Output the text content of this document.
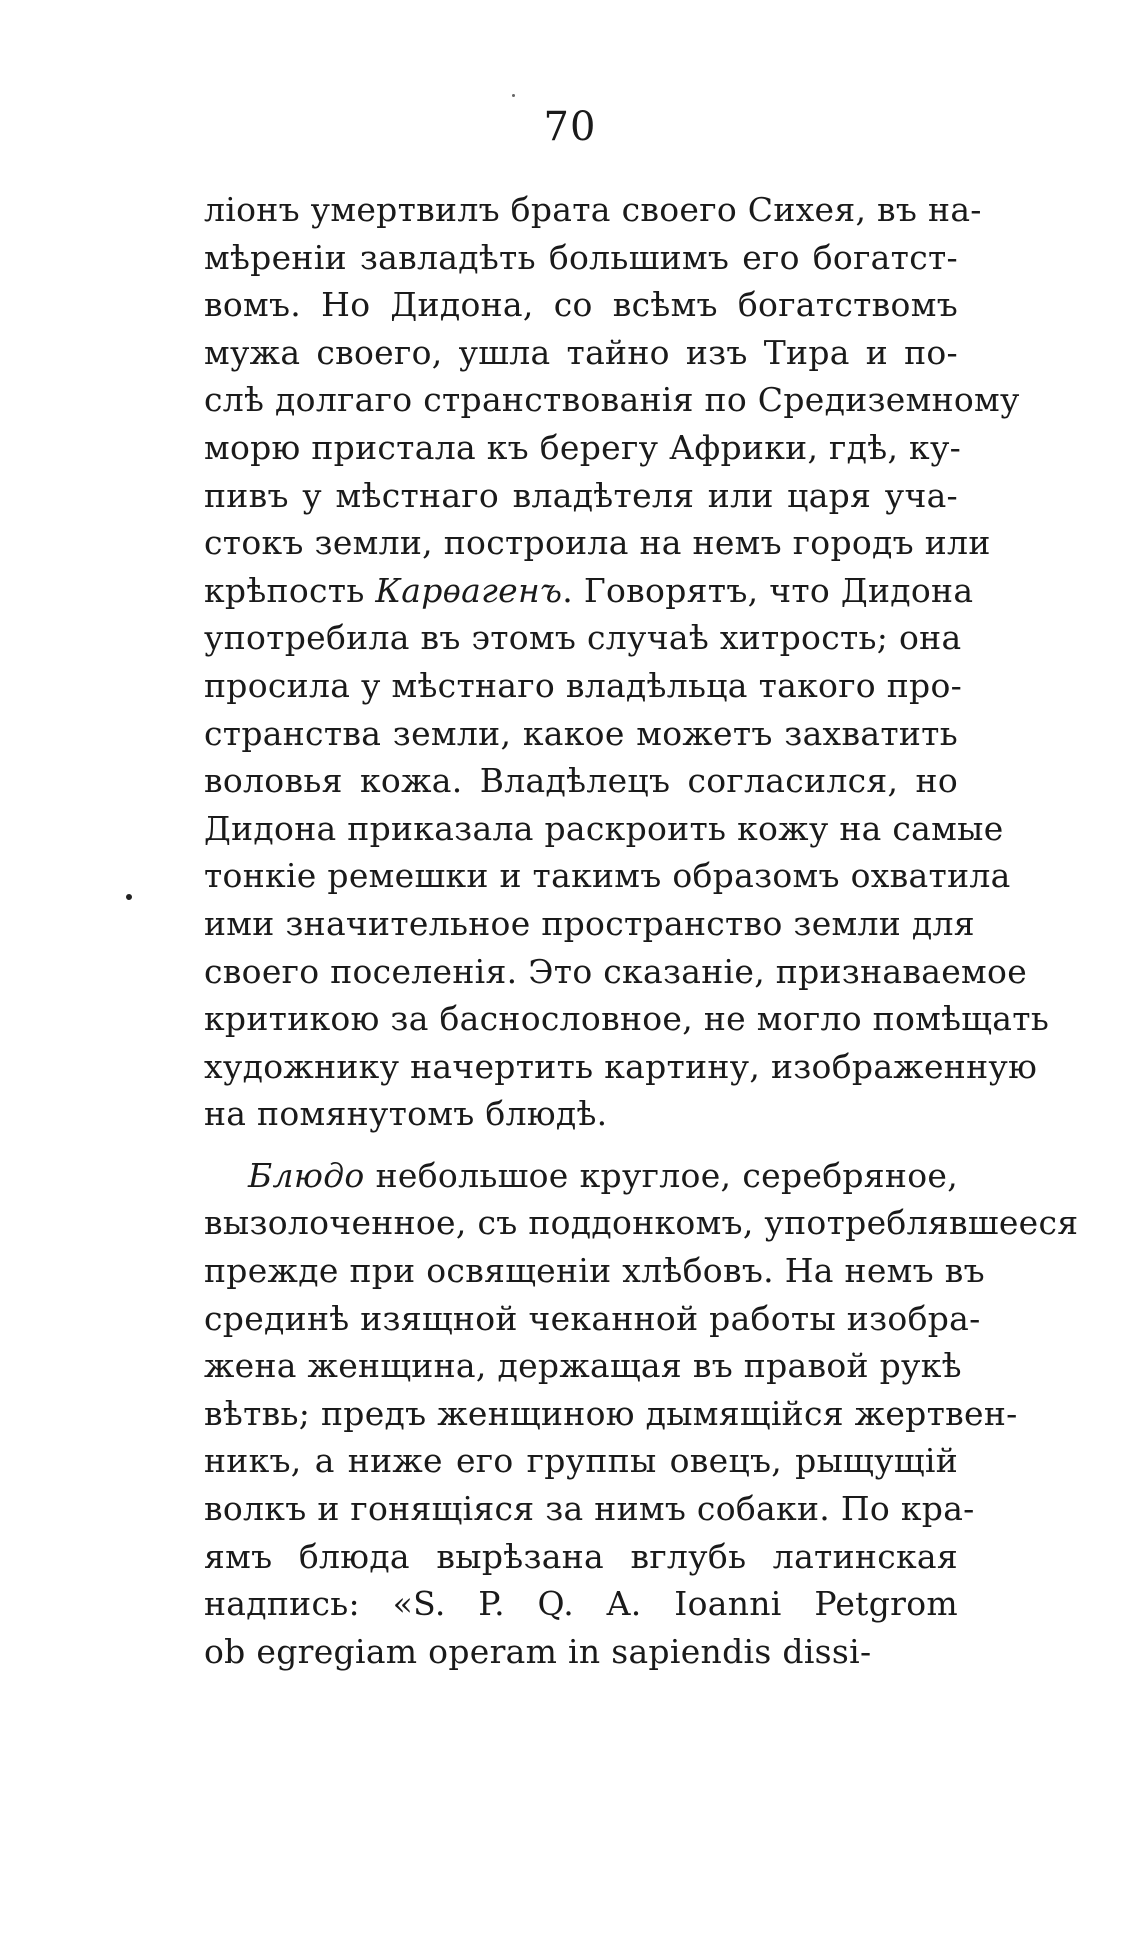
70
ліонъ умертвилъ брата своего Сихея, въ на-
мѣреніи завладѣть большимъ его богатст-
вомъ. Но Дидона, со всѣмъ богатствомъ
мужа своего, ушла тайно изъ Тира и по-
слѣ долгаго странствованія по Средиземному
морю пристала къ берегу Африки, гдѣ, ку-
пивъ у мѣстнаго владѣтеля или царя уча-
стокъ земли, построила на немъ городъ или
крѣпость Карѳагенъ. Говорятъ, что Дидона
употребила въ этомъ случаѣ хитрость; она
просила у мѣстнаго владѣльца такого про-
странства земли, какое можетъ захватить
воловья кожа. Владѣлецъ согласился, но
Дидона приказала раскроить кожу на самые
тонкіе ремешки и такимъ образомъ охватила
ими значительное пространство земли для
своего поселенія. Это сказаніе, признаваемое
критикою за баснословное, не могло помѣщать
художнику начертить картину, изображенную
на помянутомъ блюдѣ.
Блюдо небольшое круглое, серебряное,
вызолоченное, съ поддонкомъ, употреблявшееся
прежде при освященіи хлѣбовъ. На немъ въ
срединѣ изящной чеканной работы изобра-
жена женщина, держащая въ правой рукѣ
вѣтвь; предъ женщиною дымящійся жертвен-
никъ, а ниже его группы овецъ, рыщущій
волкъ и гонящіяся за нимъ собаки. По кра-
ямъ блюда вырѣзана вглубь латинская
надпись: «S. P. Q. A. Ioanni Petgrom
ob egregiam operam in sapiendis dissi-
